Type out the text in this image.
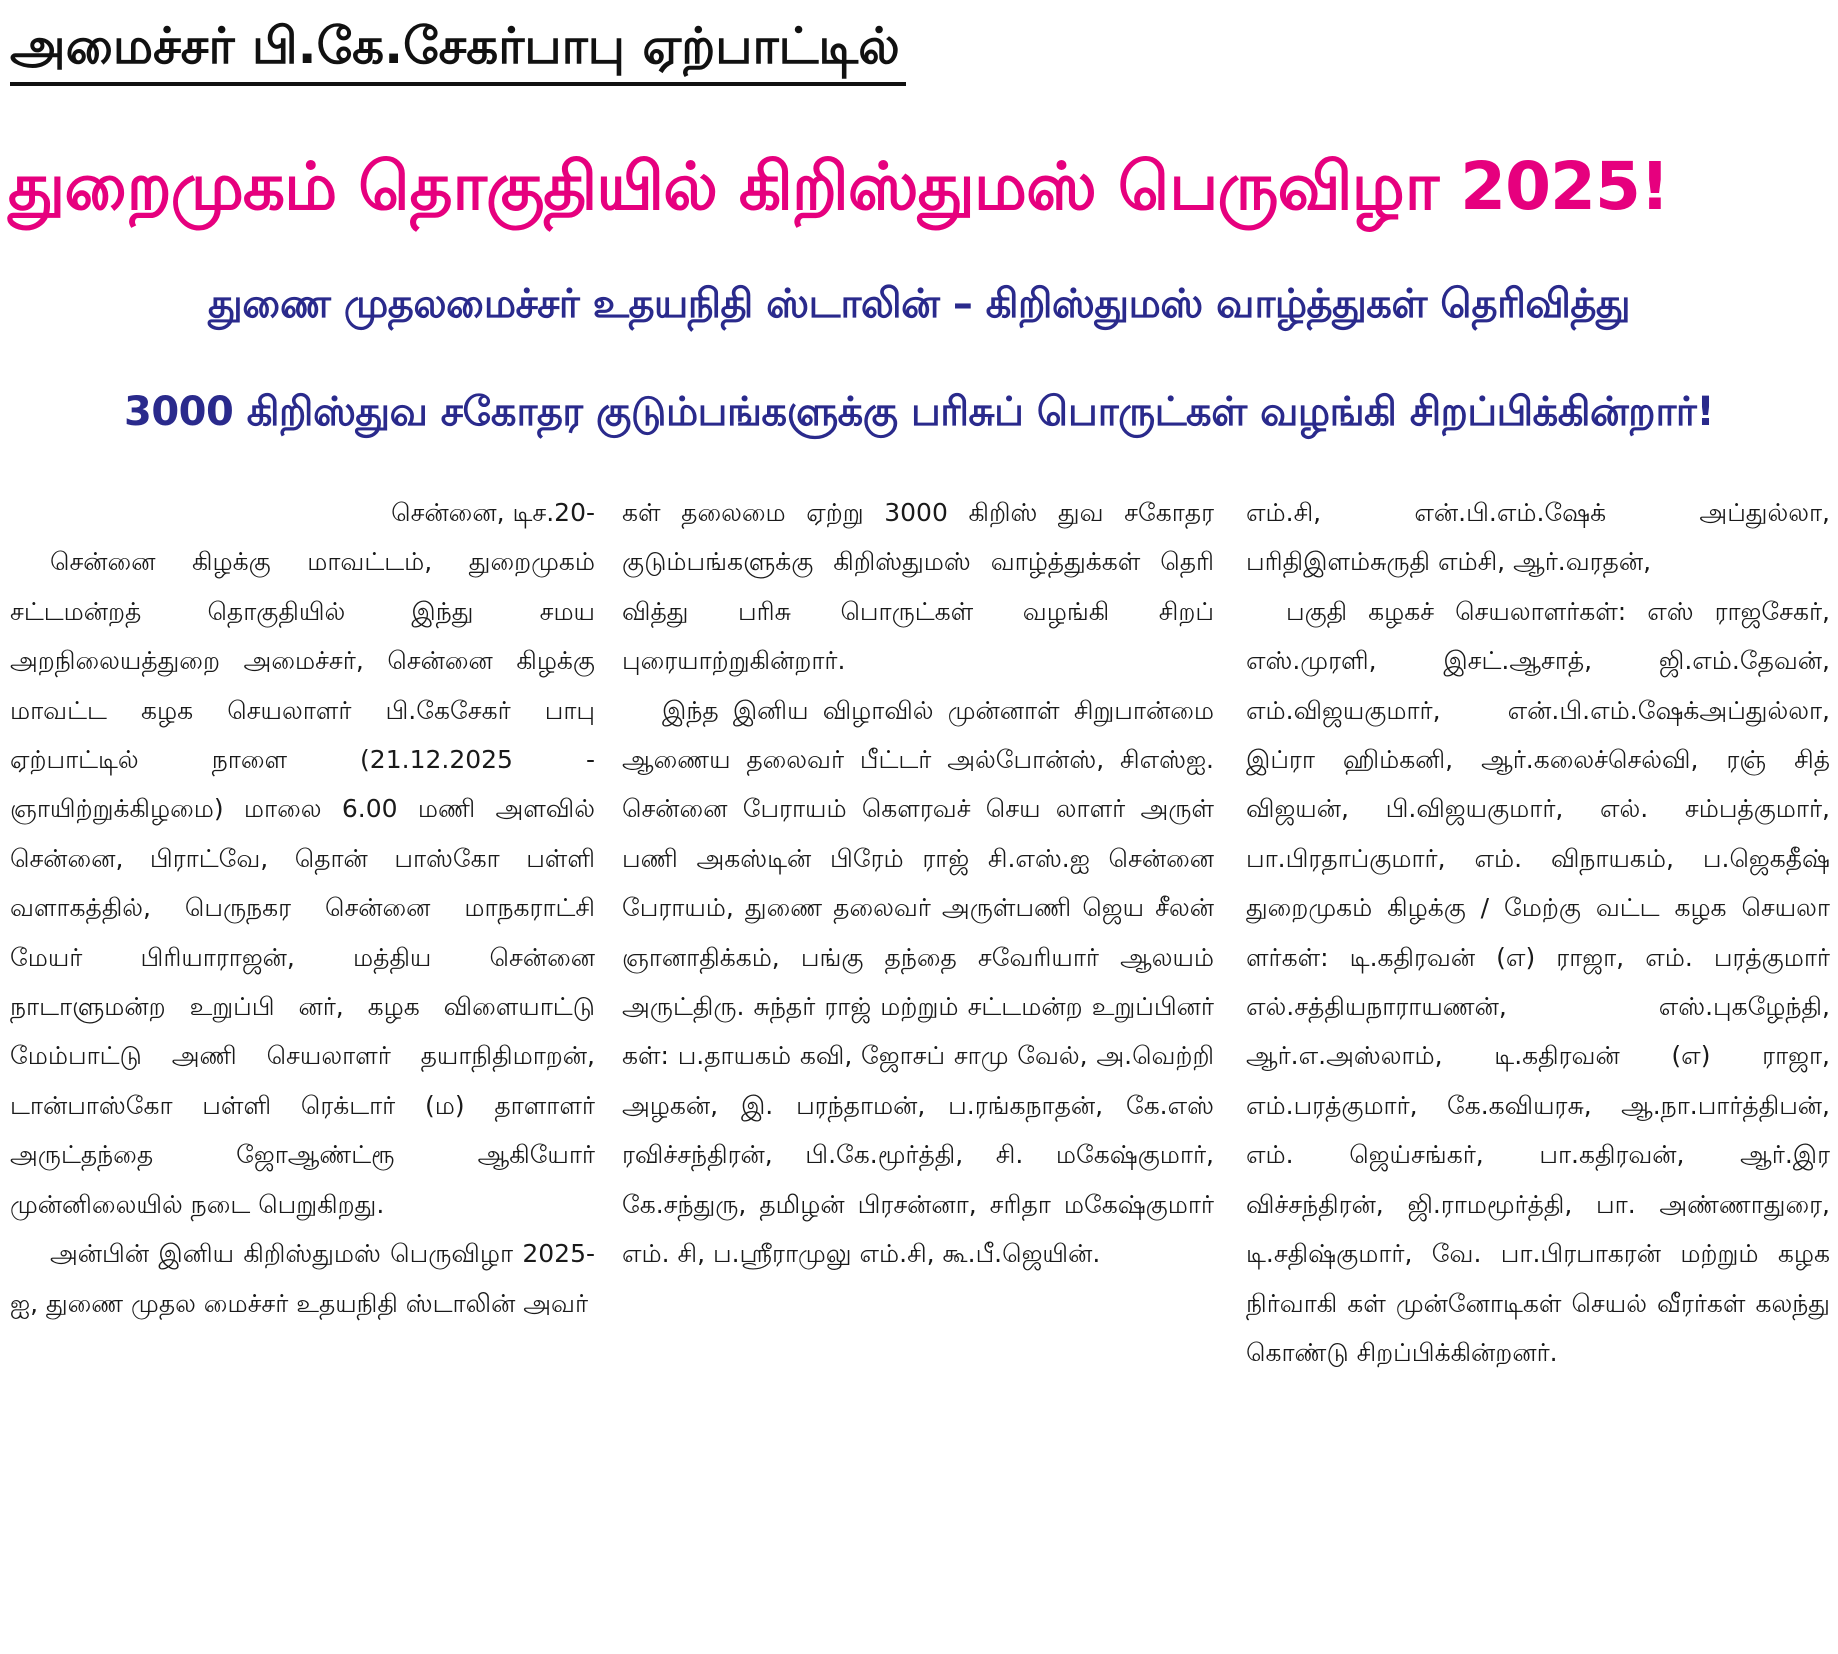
அமைச்சர் பி.கே.சேகர்பாபு ஏற்பாட்டில்
துறைமுகம் தொகுதியில் கிறிஸ்துமஸ் பெருவிழா 2025!
துணை முதலமைச்சர் உதயநிதி ஸ்டாலின் – கிறிஸ்துமஸ் வாழ்த்துகள் தெரிவித்து
3000 கிறிஸ்துவ சகோதர குடும்பங்களுக்கு பரிசுப் பொருட்கள் வழங்கி சிறப்பிக்கின்றார்!

சென்னை, டிச.20-

சென்னை கிழக்கு மாவட்டம், துறைமுகம் சட்டமன்றத் தொகுதியில் இந்து சமய அறநிலையத்துறை அமைச்சர், சென்னை கிழக்கு மாவட்ட கழக செயலாளர் பி.கேசேகர் பாபு ஏற்பாட்டில் நாளை (21.12.2025 - ஞாயிற்றுக்கிழமை) மாலை 6.00 மணி அளவில் சென்னை, பிராட்வே, தொன் பாஸ்கோ பள்ளி வளாகத்தில், பெருநகர சென்னை மாநகராட்சி மேயர் பிரியாராஜன், மத்திய சென்னை நாடாளுமன்ற உறுப்பி னர், கழக விளையாட்டு மேம்பாட்டு அணி செயலாளர் தயாநிதிமாறன், டான்பாஸ்கோ பள்ளி ரெக்டார் (ம) தாளாளர் அருட்தந்தை ஜோஆண்ட்ரூ ஆகியோர் முன்னிலையில் நடை பெறுகிறது.

அன்பின் இனிய கிறிஸ்துமஸ் பெருவிழா 2025-ஐ, துணை முதல மைச்சர் உதயநிதி ஸ்டாலின் அவர்

கள் தலைமை ஏற்று 3000 கிறிஸ் துவ சகோதர குடும்பங்களுக்கு கிறிஸ்துமஸ் வாழ்த்துக்கள் தெரி வித்து பரிசு பொருட்கள் வழங்கி சிறப் புரையாற்றுகின்றார்.

இந்த இனிய விழாவில் முன்னாள் சிறுபான்மை ஆணைய தலைவர் பீட்டர் அல்போன்ஸ், சிஎஸ்ஐ. சென்னை பேராயம் கௌரவச் செய லாளர் அருள் பணி அகஸ்டின் பிரேம் ராஜ் சி.எஸ்.ஐ சென்னை பேராயம், துணை தலைவர் அருள்பணி ஜெய சீலன் ஞானாதிக்கம், பங்கு தந்தை சவேரியார் ஆலயம் அருட்திரு. சுந்தர் ராஜ் மற்றும் சட்டமன்ற உறுப்பினர் கள்: ப.தாயகம் கவி, ஜோசப் சாமு வேல், அ.வெற்றி அழகன், இ. பரந்தாமன், ப.ரங்கநாதன், கே.எஸ் ரவிச்சந்திரன், பி.கே.மூர்த்தி, சி. மகேஷ்குமார், கே.சந்துரு, தமிழன் பிரசன்னா, சரிதா மகேஷ்குமார் எம். சி, ப.ஸ்ரீராமுலு எம்.சி, கூ.பீ.ஜெயின்.

எம்.சி, என்.பி.எம்.ஷேக் அப்துல்லா, பரிதிஇளம்சுருதி எம்சி, ஆர்.வரதன்,

பகுதி கழகச் செயலாளர்கள்: எஸ் ராஜசேகர், எஸ்.முரளி, இசட்.ஆசாத், ஜி.எம்.தேவன், எம்.விஜயகுமார், என்.பி.எம்.ஷேக்அப்துல்லா, இப்ரா ஹிம்கனி, ஆர்.கலைச்செல்வி, ரஞ் சித் விஜயன், பி.விஜயகுமார், எல். சம்பத்குமார், பா.பிரதாப்குமார், எம். விநாயகம், ப.ஜெகதீஷ் துறைமுகம் கிழக்கு / மேற்கு வட்ட கழக செயலா ளர்கள்: டி.கதிரவன் (எ) ராஜா, எம். பரத்குமார் எல்.சத்தியநாராயணன், எஸ்.புகழேந்தி, ஆர்.எ.அஸ்லாம், டி.கதிரவன் (எ) ராஜா, எம்.பரத்குமார், கே.கவியரசு, ஆ.நா.பார்த்திபன், எம். ஜெய்சங்கர், பா.கதிரவன், ஆர்.இர விச்சந்திரன், ஜி.ராமமூர்த்தி, பா. அண்ணாதுரை, டி.சதிஷ்குமார், வே. பா.பிரபாகரன் மற்றும் கழக நிர்வாகி கள் முன்னோடிகள் செயல் வீரர்கள் கலந்து கொண்டு சிறப்பிக்கின்றனர்.
